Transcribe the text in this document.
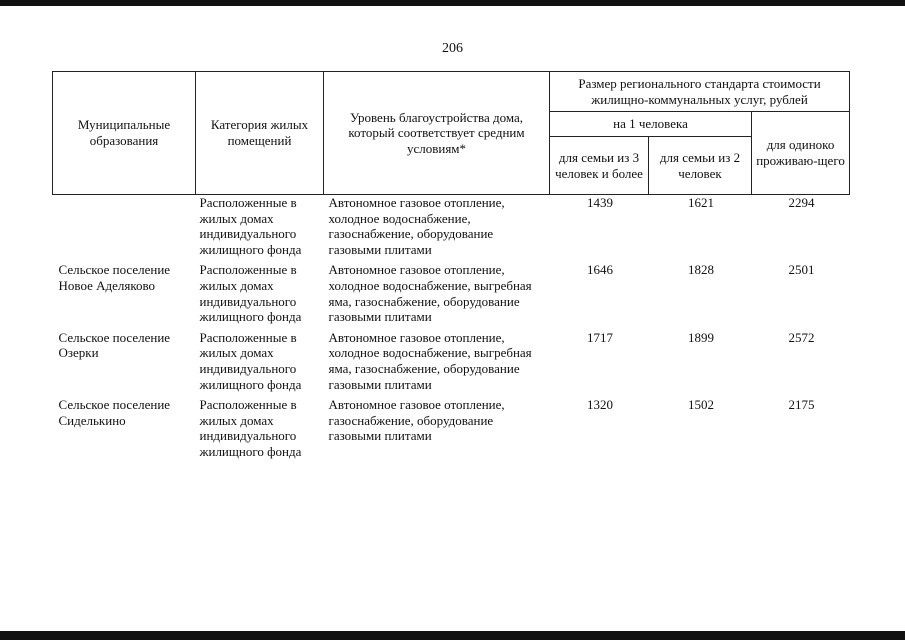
206
Муниципальные образования	Категория жилых помещений	Уровень благоустройства дома, который соответствует средним условиям*	Размер регионального стандарта стоимости жилищно-коммунальных услуг, рублей		
			на 1 человека		для одиноко проживаю-щего
			для семьи из 3 человек и более	для семьи из 2 человек	
	Расположенные в жилых домах индивидуального жилищного фонда	Автономное газовое отопление, холодное водоснабжение, газоснабжение, оборудование газовыми плитами	1439	1621	2294
Сельское поселение Новое Аделяково	Расположенные в жилых домах индивидуального жилищного фонда	Автономное газовое отопление, холодное водоснабжение, выгребная яма, газоснабжение, оборудование газовыми плитами	1646	1828	2501
Сельское поселение Озерки	Расположенные в жилых домах индивидуального жилищного фонда	Автономное газовое отопление, холодное водоснабжение, выгребная яма, газоснабжение, оборудование газовыми плитами	1717	1899	2572
Сельское поселение Сиделькино	Расположенные в жилых домах индивидуального жилищного фонда	Автономное газовое отопление, газоснабжение, оборудование газовыми плитами	1320	1502	2175
